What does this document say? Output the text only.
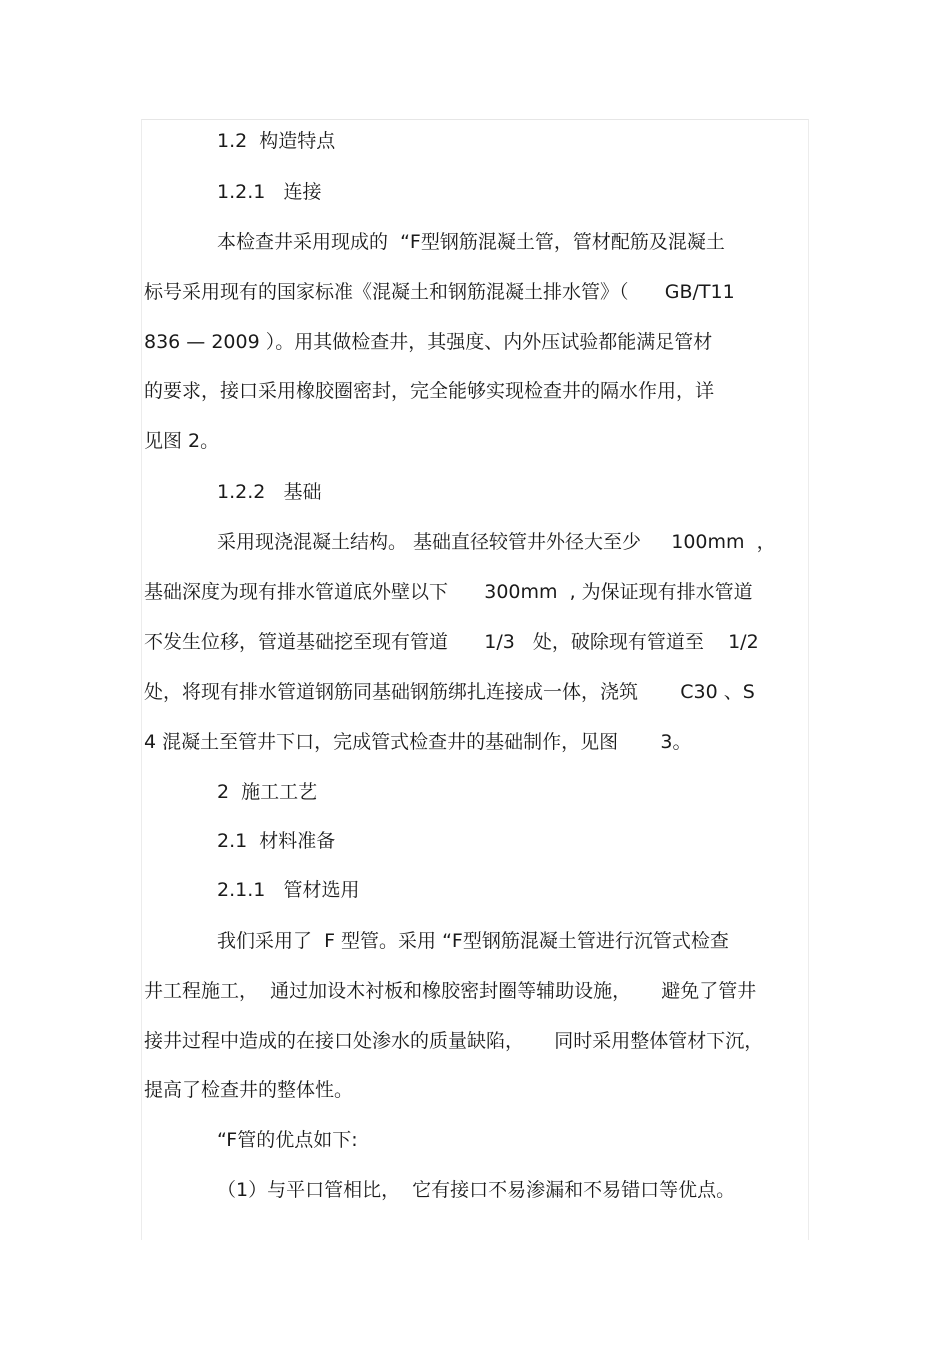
1.2  构造特点
1.2.1   连接
本检查井采用现成的  “F型钢筋混凝土管，管材配筋及混凝土
标号采用现有的国家标准《混凝土和钢筋混凝土排水管》（      GB/T11
836 — 2009 ）。用其做检查井，其强度、内外压试验都能满足管材
的要求，接口采用橡胶圈密封，完全能够实现检查井的隔水作用，详
见图 2。
1.2.2   基础
采用现浇混凝土结构。 基础直径较管井外径大至少     100mm  ，
基础深度为现有排水管道底外壁以下      300mm  , 为保证现有排水管道
不发生位移，管道基础挖至现有管道      1/3   处，破除现有管道至    1/2
处，将现有排水管道钢筋同基础钢筋绑扎连接成一体，浇筑       C30 、S
4 混凝土至管井下口，完成管式检查井的基础制作，见图       3。
2  施工工艺
2.1  材料准备
2.1.1   管材选用
我们采用了  F 型管。采用 “F型钢筋混凝土管进行沉管式检查
井工程施工，  通过加设木衬板和橡胶密封圈等辅助设施，     避免了管井
接井过程中造成的在接口处渗水的质量缺陷，     同时采用整体管材下沉，
提高了检查井的整体性。
“F管的优点如下:
（1）与平口管相比，  它有接口不易渗漏和不易错口等优点。
